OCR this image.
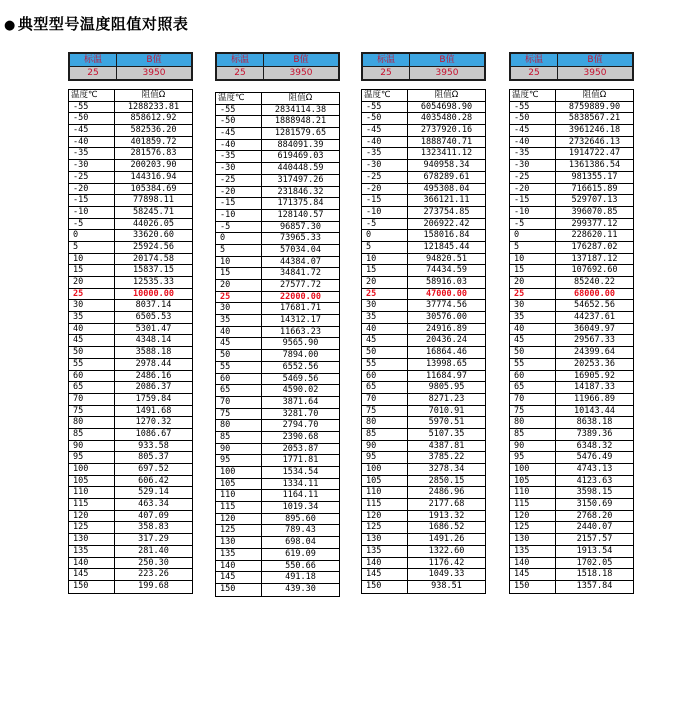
● 典型型号温度阻值对照表
标温	B值
25	3950
温度℃	阻值Ω
-55	1288233.81
-50	858612.92
-45	582536.20
-40	401859.72
-35	281576.83
-30	200203.90
-25	144316.94
-20	105384.69
-15	77898.11
-10	58245.71
-5	44026.05
0	33620.60
5	25924.56
10	20174.58
15	15837.15
20	12535.33
25	10000.00
30	8037.14
35	6505.53
40	5301.47
45	4348.14
50	3588.18
55	2978.44
60	2486.16
65	2086.37
70	1759.84
75	1491.68
80	1270.32
85	1086.67
90	933.58
95	805.37
100	697.52
105	606.42
110	529.14
115	463.34
120	407.09
125	358.83
130	317.29
135	281.40
140	250.30
145	223.26
150	199.68
标温	B值
25	3950
温度℃	阻值Ω
-55	2834114.38
-50	1888948.21
-45	1281579.65
-40	884091.39
-35	619469.03
-30	440448.59
-25	317497.26
-20	231846.32
-15	171375.84
-10	128140.57
-5	96857.30
0	73965.33
5	57034.04
10	44384.07
15	34841.72
20	27577.72
25	22000.00
30	17681.71
35	14312.17
40	11663.23
45	9565.90
50	7894.00
55	6552.56
60	5469.56
65	4590.02
70	3871.64
75	3281.70
80	2794.70
85	2390.68
90	2053.87
95	1771.81
100	1534.54
105	1334.11
110	1164.11
115	1019.34
120	895.60
125	789.43
130	698.04
135	619.09
140	550.66
145	491.18
150	439.30
标温	B值
25	3950
温度℃	阻值Ω
-55	6054698.90
-50	4035480.28
-45	2737920.16
-40	1888740.71
-35	1323411.12
-30	940958.34
-25	678289.61
-20	495308.04
-15	366121.11
-10	273754.85
-5	206922.42
0	158016.84
5	121845.44
10	94820.51
15	74434.59
20	58916.03
25	47000.00
30	37774.56
35	30576.00
40	24916.89
45	20436.24
50	16864.46
55	13998.65
60	11684.97
65	9805.95
70	8271.23
75	7010.91
80	5970.51
85	5107.35
90	4387.81
95	3785.22
100	3278.34
105	2850.15
110	2486.96
115	2177.68
120	1913.32
125	1686.52
130	1491.26
135	1322.60
140	1176.42
145	1049.33
150	938.51
标温	B值
25	3950
温度℃	阻值Ω
-55	8759889.90
-50	5838567.21
-45	3961246.18
-40	2732646.13
-35	1914722.47
-30	1361386.54
-25	981355.17
-20	716615.89
-15	529707.13
-10	396070.85
-5	299377.12
0	228620.11
5	176287.02
10	137187.12
15	107692.60
20	85240.22
25	68000.00
30	54652.56
35	44237.61
40	36049.97
45	29567.33
50	24399.64
55	20253.36
60	16905.92
65	14187.33
70	11966.89
75	10143.44
80	8638.18
85	7389.36
90	6348.32
95	5476.49
100	4743.13
105	4123.63
110	3598.15
115	3150.69
120	2768.20
125	2440.07
130	2157.57
135	1913.54
140	1702.05
145	1518.18
150	1357.84
